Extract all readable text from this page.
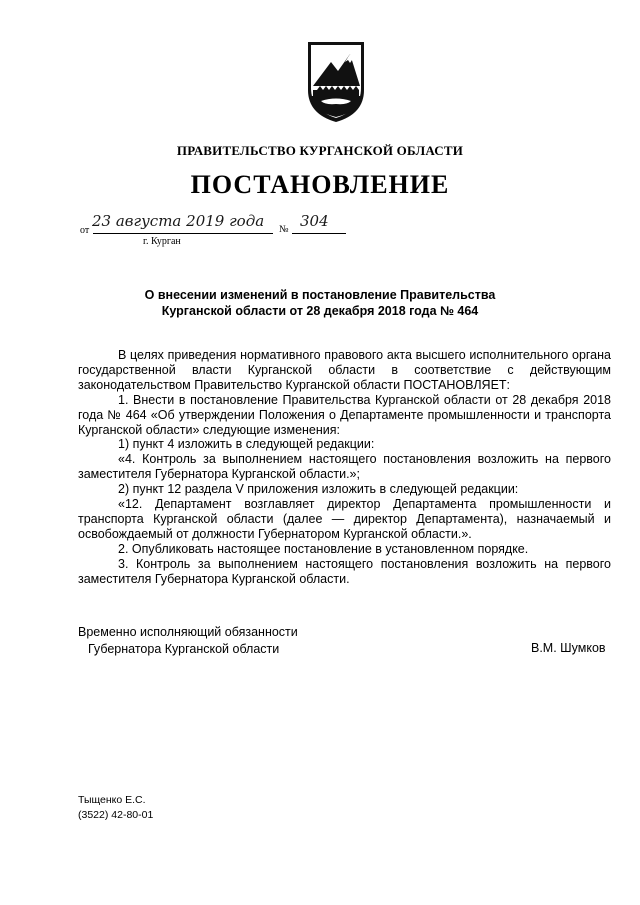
ПРАВИТЕЛЬСТВО КУРГАНСКОЙ ОБЛАСТИ
ПОСТАНОВЛЕНИЕ
от
23 августа 2019 года № 304
г. Курган
О внесении изменений в постановление Правительства
Курганской области от 28 декабря 2018 года № 464

В целях приведения нормативного правового акта высшего исполнительного органа государственной власти Курганской области в соответствие с действующим законодательством Правительство Курганской области ПОСТАНОВЛЯЕТ:

1. Внести в постановление Правительства Курганской области от 28 декабря 2018 года № 464 «Об утверждении Положения о Департаменте промышленности и транспорта Курганской области» следующие изменения:

1) пункт 4 изложить в следующей редакции:

«4. Контроль за выполнением настоящего постановления возложить на первого заместителя Губернатора Курганской области.»;

2) пункт 12 раздела V приложения изложить в следующей редакции:

«12. Департамент возглавляет директор Департамента промышленности и транспорта Курганской области (далее — директор Департамента), назначаемый и освобождаемый от должности Губернатором Курганской области.».

2. Опубликовать настоящее постановление в установленном порядке.

3. Контроль за выполнением настоящего постановления возложить на первого заместителя Губернатора Курганской области.

Временно исполняющий обязанности
Губернатора Курганской области	В.М. Шумков
Тыщенко Е.С.
(3522) 42-80-01
